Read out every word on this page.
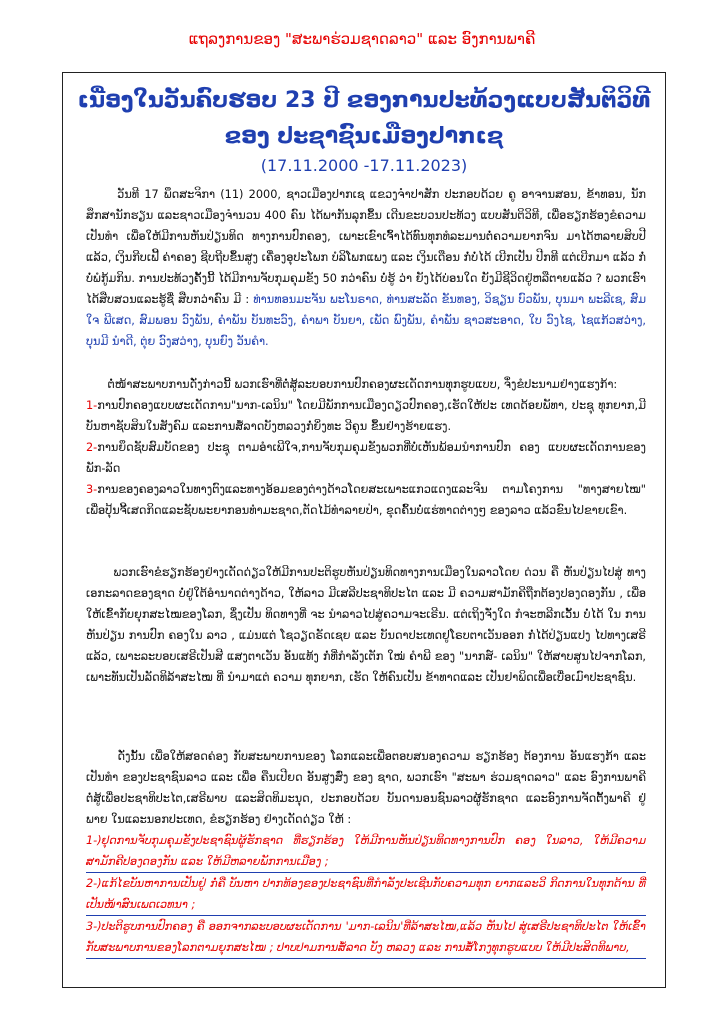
ແຖລງການຂອງ "ສະພາຮ່ວມຊາດລາວ" ແລະ ອົງການພາຄີ
ເນື່ອງໃນວັນຄົບຮອບ 23 ປີ ຂອງການປະທ້ວງແບບສັນຕິວິທີ
ຂອງ ປະຊາຊົນເມືອງປາກເຊ
(17.11.2000 -17.11.2023)

ວັນທີ 17 ພຶດສະຈິກາ (11) 2000, ຊາວເມືອງປາກເຊ ແຂວງຈຳປາສັກ ປະກອບດ້ວຍ ຄູ ອາຈານສອນ, ຂ້າທອນ, ນັກສຶກສານັກຮຽນ ແລະຊາວເມືອງຈຳນວນ 400 ຄົນ ໄດ້ພາກັນລຸກຂຶ້ນ ເດີນຂະບວນປະທ້ວງ ແບບສັນຕິວິທີ, ເພື່ອຮຽກຮ້ອງຂໍຄວາມເປັນທຳ ເພື່ອໃຫ້ມີການຫັນປ່ຽນທິດ ທາງການປົກຄອງ, ເພາະເຂົາເຈົ້າໄດ້ທົນທຸກທໍລະມານຕໍ່ຄວາມຍາກຈົນ ມາໄດ້ຫລາຍສິບປີ ແລ້ວ, ເງິນກີບເຟີ້ ຄ່າຄອງ ຊີບຖີບຂຶ້ນສູງ ເຄື່ອງອຸປະໂພກ ບໍລິໂພກແພງ ແລະ ເງິນເດືອນ ກໍ່ບໍ່ໄດ້ ເບີກເປັນ ປີກທີ ແຕ່ເບີກມາ ແລ້ວ ກໍ່ບໍ່ພໍກູ້ມກິນ. ການປະທ້ວງຄັ້ງນີ້ ໄດ້ມີການຈັບກຸມຄຸມຂັງ 50 ກວ່າຄົນ ບໍ່ຮູ້ ວ່າ ຍັງໄດ້ບ່ອນໃດ ຍັງມີຊີວິດຢູ່ຫລືຕາຍແລ້ວ ? ພວກເຮົາໄດ້ສືບສວນແລະຮູ້ຊື່ ສືບກວ່າຄົນ ມີ : ທ່ານທອນມະຈັນ ພະໂນຣາດ, ທ່ານສະລັດ ຂັນທອງ, ວິຊຽນ ບົວພັນ, ບຸນມາ ພະລີເຊ, ສົມໃຈ ພີເສດ, ສົມພອນ ວົງພັນ, ຄຳພັນ ບັນທະວົງ, ຄຳພາ ບັນຍາ, ເພັດ ພົງພັນ, ຄຳພັນ ຊາວສະອາດ, ໃບ ວົງໄຊ, ໄຊແກ້ວສວ່າງ, ບຸນມີ ນຳດີ, ຕຸ່ຍ ວົງສວ່າງ, ບຸນຍົງ ວັນຄຳ.

ຕໍ່ໜ້າສະພາບການດັ່ງກ່າວນີ້ ພວກເຮົາທີ່ຕໍ່ສູ້ລະບອບການປົກຄອງຜະເດັດການທຸກຮູບແບບ, ຈຶ່ງຂໍປະນາມຢ່າງແຮງກ້າ:
1-ການປົກຄອງແບບຜະເດັດການ"ນາກ-ເລນິນ" ໂດຍມີພັກການເມືອງດຽວປົກຄອງ,ເຮັດໃຫ້ປະ ເທດດ້ອຍພັທາ, ປະຊຸ ທຸກຍາກ,ມີບັນຫາຊັບສິນໃນສັງຄົມ ແລະການສໍ້ລາດບັງຫລວງກໍ່ຍິ່ງທະ ວີຄູນ ຂຶ້ນຢ່າງຮ້າຍແຮງ.
2-ການຍຶດຊັບສົມບັດຂອງ ປະຊຸ ຕາມອຳເພີໃຈ,ການຈັບກຸມຄຸມຂັງພວກທີ່ບໍ່ເຫັນພ້ອມນຳການປົກ ຄອງ ແບບຜະເດັດການຂອງພັກ-ລັດ
3-ການຂອງຄອງລາວໃນທາງຕົງແລະທາງອ້ອມຂອງຕ່າງດ້າວໂດຍສະເພາະແກວແດງແລະຈີນ ຕາມໂຄງການ "ທາງສາຍໄໝ" ເພື່ອປຸ້ນຈີ້ເສດກິດແລະຊັບພະຍາກອນທຳມະຊາດ,ຕັດໄມ້ທຳລາຍປ່າ, ຂຸດຄົ້ນບໍ່ແຮ່ທາດຕ່າງໆ ຂອງລາວ ແລ້ວຂົນໄປຂາຍເຂົາ.

ພວກເຮົາຂໍຮຽກຮ້ອງຢ່າງເດັດດ່ຽວໃຫ້ມີການປະຕິຮູບຫັນປ່ຽນທິດທາງການເມືອງໃນລາວໂດຍ ດ່ວນ ຄື ຫັນປ່ຽນໄປສູ່ ທາງເອກະລາດຂອງຊາດ ບໍ່ຢູ່ໃຕ້ອຳນາດຕ່າງດ້າວ, ໃຫ້ລາວ ມີເສລີປະຊາທິປະໄຕ ແລະ ມີ ຄວາມສາມັກຄີຖືກຕ້ອງປອງດອງກັນ , ເພື່ອ ໃຫ້ເຂົ້າກັບຍຸກສະໄໝຂອງໂລກ, ຊຶ່ງເປັນ ທິດທາງທີ່ ຈະ ນຳລາວໄປສູ່ຄວາມຈະເຣີນ. ແຕ່ເຖິງຈັ່ງໃດ ກໍຈະຫລີກເວັ້ນ ບໍ່ໄດ້ ໃນ ການຫັນປ່ຽນ ການປົກ ຄອງໃນ ລາວ , ແມ່ນແຕ່ ໂຊວຽດຣັດເຊຍ ແລະ ບັນດາປະເທດຢູໂຣບຕາເວັນອອກ ກໍ່ໄດ້ປ່ຽນແປງ ໄປທາງເສຣີ ແລ້ວ, ເພາະລະບອບເສຣີເປັນສີ ແສງຕາເວັນ ອັນແທ້ງ ກໍ່ທີ່ກຳລັງເຕັກ ໃໝ່ ຄຳພີ ຂອງ "ນາກສ໌- ເລນິນ" ໃຫ້ສາບສູນໄປຈາກໂລກ, ເພາະທັນເປັນລັດທິລ້າສະໄໝ ທີ່ ນຳມາແຕ່ ຄວາມ ທຸກຍາກ, ເຮັດ ໃຫ້ຄົນເປັນ ຂ້າທາດແລະ ເປັນຢາພິດເພື່ອເບື່ອເມົາປະຊາຊົນ.

ດັ່ງນັ້ນ ເພື່ອໃຫ້ສອດຄ່ອງ ກັບສະພາບການຂອງ ໂລກແລະເພື່ອຕອບສນອງຄວາມ ຮຽກຮ້ອງ ຕ້ອງການ ອັນແຮງກ້າ ແລະ ເປັນທຳ ຂອງປະຊາຊົນລາວ ແລະ ເພື່ອ ຄືນເປີຍດ ອັນສູງສົ່ງ ຂອງ ຊາດ, ພວກເຮົາ "ສະພາ ຮ່ວມຊາດລາວ" ແລະ ອົງການພາຄີ ຕໍ່ສູ້ເພື່ອປະຊາທິປະໄຕ,ເສຣີພາບ ແລະສິດທິມະນຸດ, ປະກອບດ້ວຍ ບັນດານອນຊົນລາວຜູ້ຮັກຊາດ ແລະອົງການຈັດຕັ້ງພາຄີ ຢູ່ພາຍ ໃນແລະນອກປະເທດ, ຂໍຮຽກຮ້ອງ ຢ່າງເດັດດ່ຽວ ໃຫ້ :
1-)ຢຸດການຈັບກຸມຄຸມຂັງປະຊາຊົນຜູ້ຮັກຊາດ ທີ່ຮຽກຮ້ອງ ໃຫ້ມີການຫັນປ່ຽນທິດທາງການປົກ ຄອງ ໃນລາວ, ໃຫ້ມີຄວາມສາມັກຄີປອງດອງກັນ ແລະ ໃຫ້ມີຫລາຍພັກການເມືອງ ;
2-)ແກ້ໄຂບັນຫາການເປັນຢູ່ ກໍ່ຄື ບັນຫາ ປາກທ້ອງຂອງປະຊາຊົນທີ່ກຳລັງປະເຊີນກັບຄວາມທຸກ ຍາກແລະວິ ກິດການໃນທຸກດ້ານ ທີ່ເປັນໜ້າສົນເພດເວທນາ ;
3-)ປະຕິຮູບການປົກຄອງ ຄື ອອກຈາກລະບອບຜະເດັດການ 'ມາກ-ເລນິນ'ທີ່ລ້າສະໄໝ,ແລ້ວ ຫັນໄປ ສູ່ເສຣີປະຊາທິປະໄຕ ໃຫ້ເຂົ້າກັບສະພາບການຂອງໂລກຕາມຍຸກສະໄໝ ; ປາບປາມການສໍ້ລາດ ບັງ ຫລວງ ແລະ ການສໍ້ໂກງທຸກຮູບແບບ ໃຫ້ມີປະສິດທິພາບ,
